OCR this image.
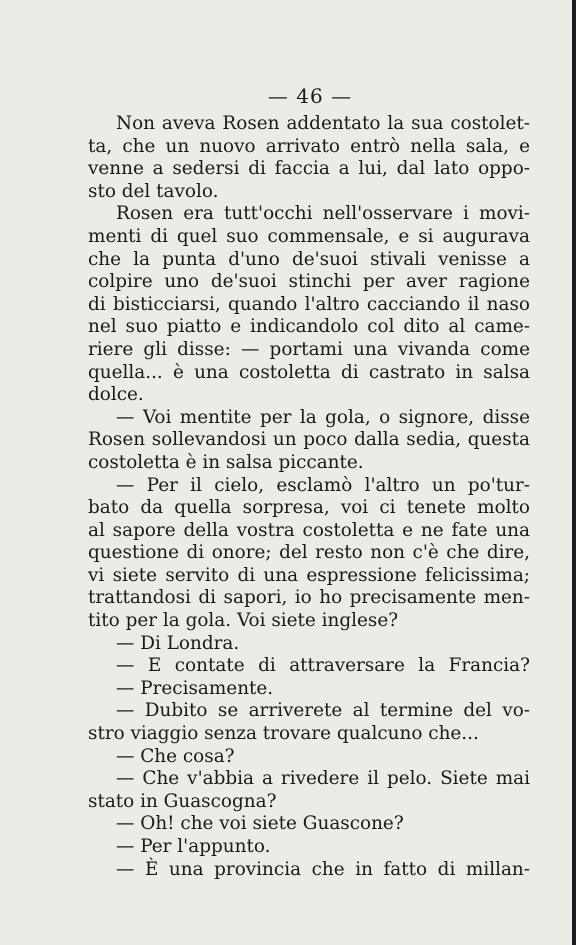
— 46 —
Non aveva Rosen addentato la sua costolet-
ta, che un nuovo arrivato entrò nella sala, e
venne a sedersi di faccia a lui, dal lato oppo-
sto del tavolo.
Rosen era tutt'occhi nell'osservare i movi-
menti di quel suo commensale, e si augurava
che la punta d'uno de'suoi stivali venisse a
colpire uno de'suoi stinchi per aver ragione
di bisticciarsi, quando l'altro cacciando il naso
nel suo piatto e indicandolo col dito al came-
riere gli disse: — portami una vivanda come
quella... è una costoletta di castrato in salsa
dolce.
— Voi mentite per la gola, o signore, disse
Rosen sollevandosi un poco dalla sedia, questa
costoletta è in salsa piccante.
— Per il cielo, esclamò l'altro un po'tur-
bato da quella sorpresa, voi ci tenete molto
al sapore della vostra costoletta e ne fate una
questione di onore; del resto non c'è che dire,
vi siete servito di una espressione felicissima;
trattandosi di sapori, io ho precisamente men-
tito per la gola. Voi siete inglese?
— Di Londra.
— E contate di attraversare la Francia?
— Precisamente.
— Dubito se arriverete al termine del vo-
stro viaggio senza trovare qualcuno che...
— Che cosa?
— Che v'abbia a rivedere il pelo. Siete mai
stato in Guascogna?
— Oh! che voi siete Guascone?
— Per l'appunto.
— È una provincia che in fatto di millan-
